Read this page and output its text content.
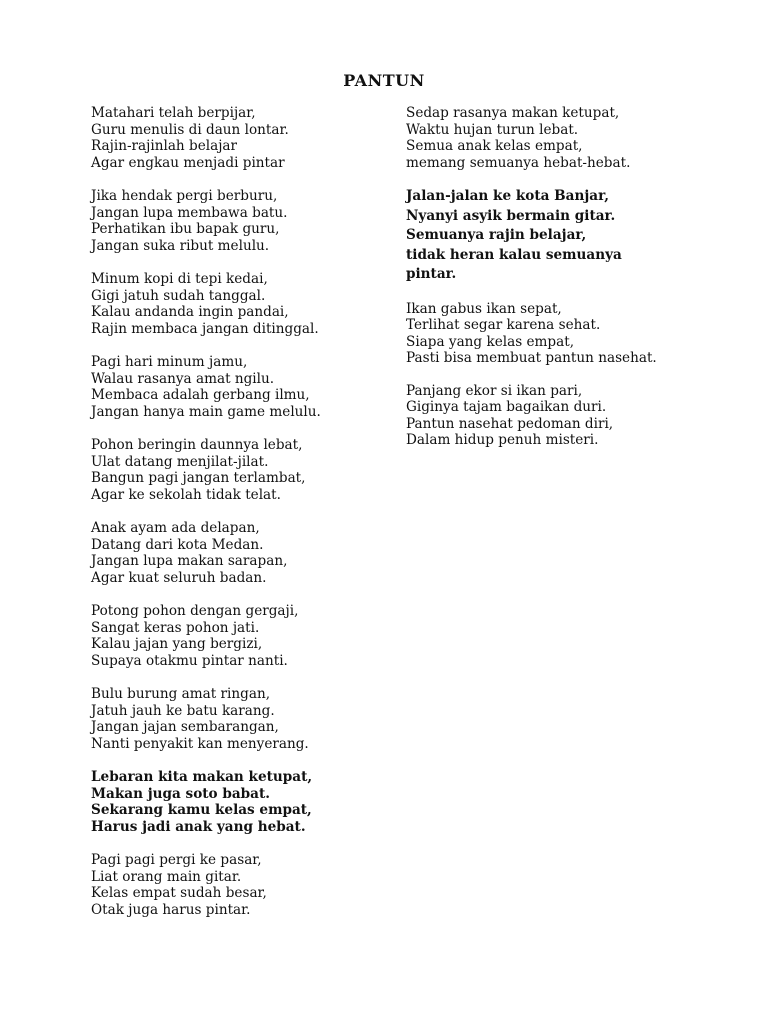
PANTUN
Matahari telah berpijar,
Guru menulis di daun lontar.
Rajin-rajinlah belajar
Agar engkau menjadi pintar
Jika hendak pergi berburu,
Jangan lupa membawa batu.
Perhatikan ibu bapak guru,
Jangan suka ribut melulu.
Minum kopi di tepi kedai,
Gigi jatuh sudah tanggal.
Kalau andanda ingin pandai,
Rajin membaca jangan ditinggal.
Pagi hari minum jamu,
Walau rasanya amat ngilu.
Membaca adalah gerbang ilmu,
Jangan hanya main game melulu.
Pohon beringin daunnya lebat,
Ulat datang menjilat-jilat.
Bangun pagi jangan terlambat,
Agar ke sekolah tidak telat.
Anak ayam ada delapan,
Datang dari kota Medan.
Jangan lupa makan sarapan,
Agar kuat seluruh badan.
Potong pohon dengan gergaji,
Sangat keras pohon jati.
Kalau jajan yang bergizi,
Supaya otakmu pintar nanti.
Bulu burung amat ringan,
Jatuh jauh ke batu karang.
Jangan jajan sembarangan,
Nanti penyakit kan menyerang.
Lebaran kita makan ketupat,
Makan juga soto babat.
Sekarang kamu kelas empat,
Harus jadi anak yang hebat.
Pagi pagi pergi ke pasar,
Liat orang main gitar.
Kelas empat sudah besar,
Otak juga harus pintar.
Sedap rasanya makan ketupat,
Waktu hujan turun lebat.
Semua anak kelas empat,
memang semuanya hebat-hebat.
Jalan-jalan ke kota Banjar,
Nyanyi asyik bermain gitar.
Semuanya rajin belajar,
tidak heran kalau semuanya
pintar.
Ikan gabus ikan sepat,
Terlihat segar karena sehat.
Siapa yang kelas empat,
Pasti bisa membuat pantun nasehat.
Panjang ekor si ikan pari,
Giginya tajam bagaikan duri.
Pantun nasehat pedoman diri,
Dalam hidup penuh misteri.
